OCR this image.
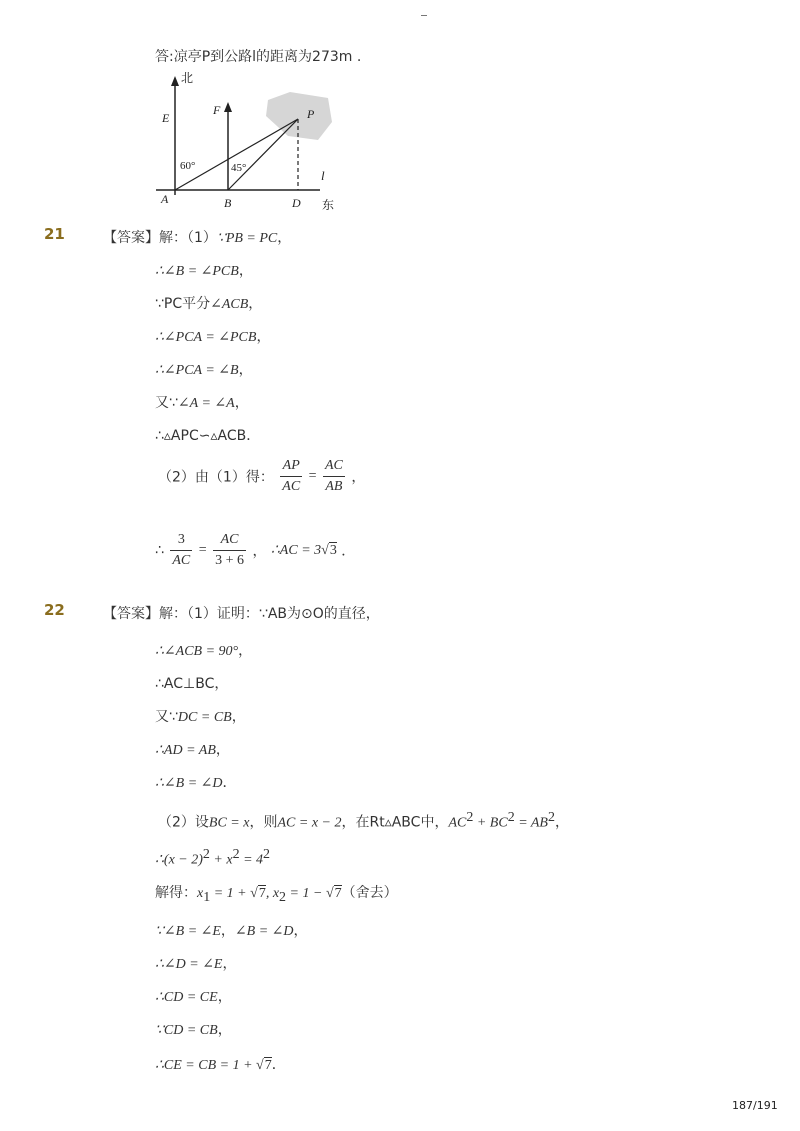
答:凉亭P到公路l的距离为273m .
北
E
F	P
60°	45°	l
A	B	D 东
21	【答案】解：（1）∵PB = PC，
∴∠B = ∠PCB，
∵PC平分∠ACB，
∴∠PCA = ∠PCB，
∴∠PCA = ∠B，
又∵∠A = ∠A，
∴▵APC∽▵ACB．
（2）由（1）得： $\frac{AP}{AC} = \frac{AC}{AB}$ ，
∴ $\frac{3}{AC} = \frac{AC}{3 + 6}$ ， ∴AC = 3√3 ．
22	【答案】解：（1）证明：∵AB为⊙O的直径，
∴∠ACB = 90°，
∴AC⊥BC，
又∵DC = CB，
∴AD = AB，
∴∠B = ∠D．
（2）设BC = x，则AC = x − 2，在Rt▵ABC中，$AC^2 + BC^2 = AB^2$，
∴(x − $2)^2 + x^2 = 4^2$
解得：$x_1 = 1 + √7$, $x_2 = 1 - √7$（舍去）
∵∠B = ∠E，∠B = ∠D，
∴∠D = ∠E，
∴CD = CE，
∵CD = CB，
∴CE = CB = 1 + √7．
187/191
